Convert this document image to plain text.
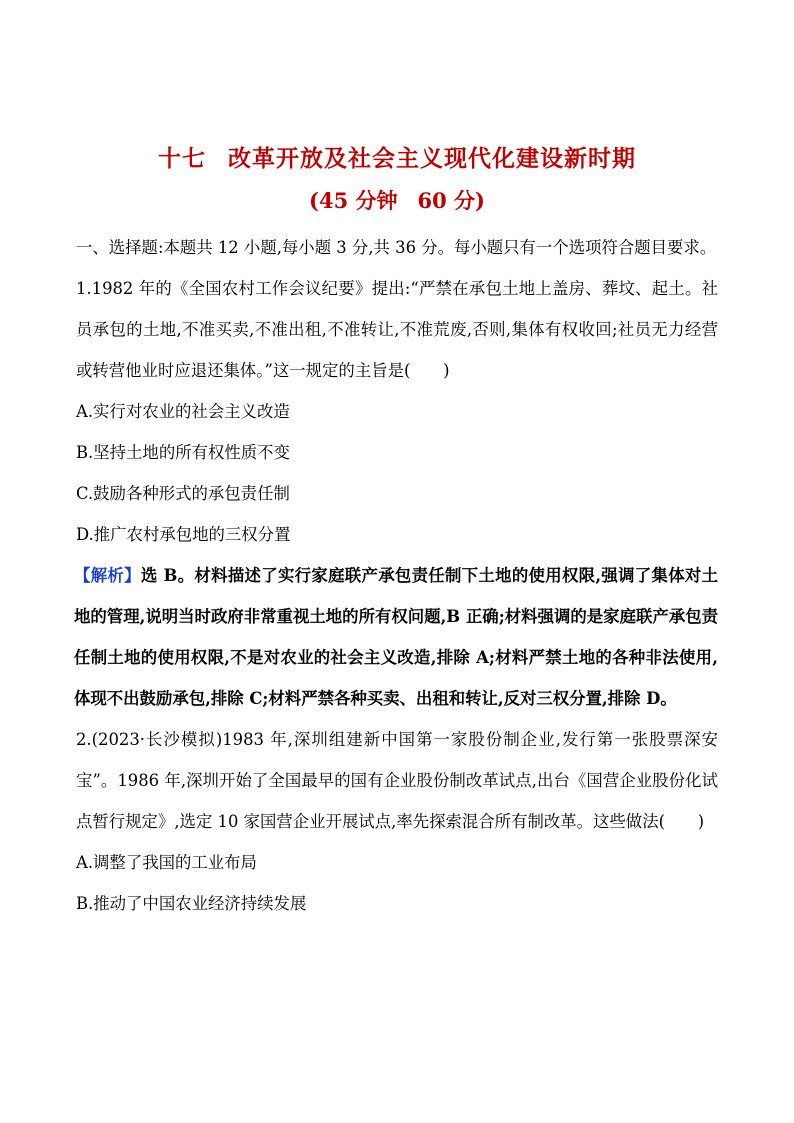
十七 改革开放及社会主义现代化建设新时期
(45 分钟 60 分)

一、选择题:本题共 12 小题,每小题 3 分,共 36 分。每小题只有一个选项符合题目要求。

1.1982 年的《全国农村工作会议纪要》提出:“严禁在承包土地上盖房、葬坟、起土。社员承包的土地,不准买卖,不准出租,不准转让,不准荒废,否则,集体有权收回;社员无力经营或转营他业时应退还集体。”这一规定的主旨是(　　)

A.实行对农业的社会主义改造

B.坚持土地的所有权性质不变

C.鼓励各种形式的承包责任制

D.推广农村承包地的三权分置

【解析】选 B。材料描述了实行家庭联产承包责任制下土地的使用权限,强调了集体对土地的管理,说明当时政府非常重视土地的所有权问题,B 正确;材料强调的是家庭联产承包责任制土地的使用权限,不是对农业的社会主义改造,排除 A;材料严禁土地的各种非法使用,体现不出鼓励承包,排除 C;材料严禁各种买卖、出租和转让,反对三权分置,排除 D。

2.(2023·长沙模拟)1983 年,深圳组建新中国第一家股份制企业,发行第一张股票深安宝”。1986 年,深圳开始了全国最早的国有企业股份制改革试点,出台《国营企业股份化试点暂行规定》,选定 10 家国营企业开展试点,率先探索混合所有制改革。这些做法(　　)

A.调整了我国的工业布局

B.推动了中国农业经济持续发展
